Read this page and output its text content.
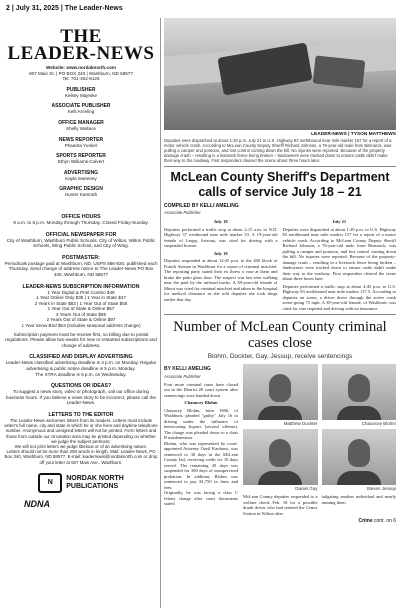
2 | July 31, 2025 | The Leader-News
THE
LEADER-NEWS
Website: www.nordaknorth.com
607 Main St. | PO BOX 340 | Washburn, ND 58577
Tel: 701-462-8126
PUBLISHER
Kelsey Majeske
ASSOCIATE PUBLISHER
Kelli Arneling
OFFICE MANAGER
Shelly Wallace
NEWS REPORTER
Phaedra Yunker
SPORTS REPORTER
Ethyn Williams-Calvert
ADVERTISING
Kayla Sweeney
GRAPHIC DESIGN
Hunter Kamrath
OFFICE HOURS
9 a.m. to 5 p.m. Monday through Thursday. Closed Friday-Sunday.
OFFICIAL NEWSPAPER FOR
City of Washburn, Washburn Public Schools, City of Wilton, Wilton Public Schools, Wing Public School, and City of Wing.
POSTMASTER:
Periodicals postage paid at Washburn, ND, USPS 666-920, published each Thursday. Send change of address notice to The Leader-News PO Box 340, Washburn, ND 58577
LEADER-NEWS SUBSCRIPTION INFORMATION
1 Year Digital & Print Combo $49
1 Year Online Only $35 | 1 Year in State $47
2 Years in State $83 | 1 Year Out of State $55
1 Year Out of State & Online $57
2 Years Out of State $95
2 Years Out of State & Online $97
1 Year Snow Bird $53 (includes seasonal address change)
Subscription payment must be receive first, no billing due to postal regulations. Please allow two weeks for new or restarted subscriptions and change of address.
CLASSIFIED AND DISPLAY ADVERTISING
Leader-News classified advertising deadline is 3 p.m. on Monday. Regular advertising & public notice deadline is 5 p.m. Monday.
The XTRA deadline is 5 p.m. on Wednesday.
QUESTIONS OR IDEAS?
To suggest a news story, video or photograph, call our office during business hours. If you believe a news story to be incorrect, please call the Leader-News.
LETTERS TO THE EDITOR
The Leader-News welcomes letters from its readers. Letters must include writer's full name, city and state in which he or she lives and daytime telephone number. Anonymous and unsigned letters will not be printed. Form letters and those from outside our circulation area may be printed depending on whether we judge the subject pertinent.
We will not print letters we judge libelous or of an advertising nature.
Letters should not be more than 250 words in length. Mail: Leader-News, PO Box 340, Washburn, ND 58577. E-mail: leadernews@nordaknorth.com or drop off your letter at 607 Main Ave., Washburn.
N
NORDAK NORTH
PUBLICATIONS
NDNA
LEADER-NEWS | TYSON MATTHEWS
Deputies were dispatched at about 1:30 p.m. July 21 to U.S. Highway 83 northbound near mile marker 157 for a report of a motor vehicle crash. According to McLean County Deputy Sheriff Richard Johnson, a 76-year-old male from Bismarck, was pulling a camper and pontoon, and lost control coming down the hill. No injuries were reported. Because of the property damage crash – resulting in a livestock fence being broken – landowners were tracked down to ensure cattle didn't make their way to the roadway. First responders cleared the scene about three hours later.
McLean County Sheriff's Department calls of service July 18 – 21
COMPILED BY KELLI AMELING
Associate Publisher
July 18

Deputies performed a traffic stop at about 2:15 a.m. to N.D. Highway 37 westbound near mile marker 53. A 19-year-old female of Lespp, Arizona, was cited for driving with a suspended license.

July 19

Deputies responded at about 12:45 p.m. to the 400 block of Fourth Avenue in Washburn for a report of criminal mischief. The reporting party stated their ex threw a vase at them and broke the patio glass door. The suspect was last seen walking near the park by the railroad tracks. A 38-year-old female of Minot was cited for criminal mischief and taken to the hospital for medical clearance as she told deputies she took drugs earlier that day.

July 21

Deputies were dispatched at about 1:30 p.m. to U.S. Highway 83 northbound near mile marker 157 for a report of a motor vehicle crash. According to McLean County Deputy Sheriff Richard Johnson, a 76-year-old male from Bismarck, was pulling a camper and pontoon, and lost control coming down the hill. No injuries were reported. Because of the property-damage crash – resulting in a livestock fence being broken – landowners were tracked down to ensure cattle didn't make their way to the roadway. First responders cleared the scene about three hours later.

Deputies performed a traffic stop at about 4:45 p.m. to U.S. Highway 83 northbound near mile marker 117.5. According to deputies on scene, a driver drove through the active crash scene going 75 mph. A 38-year-old female, of Washburn, was cited for care required and driving with no insurance.

Number of McLean County criminal cases close
Blohm, Dockter, Gay, Jessup, receive sentencings
BY KELLI AMELING
Associate Publisher

Four more criminal cases have closed out in the District 28 court system after sentencings were handed down.

Chauncey Blohm

Chauncey Blohm, born 1986, of Washburn, pleaded "guilty" July 16 to driving under the influence of intoxicating liquors (second offense). The charge was pleaded down to a class B misdemeanor.

Blohm, who was represented by court-appointed Attorney Ozeil Kardonsi, was sentenced to 30 days in the McLean County Jail, receiving credit for 10 days served. The remaining 20 days was suspended for 360 days of unsupervised probation. In addition, Blohm was sentenced to pay $1,750 in fines and fees.

Originally, he was facing a class C felony charge after court documents stated

Matthew Dockter	Chauncey Blohm
Daniel Gay	Steven Jessup
McLean County deputies responded to a welfare check Feb. 18 for a possible drunk driver who had entered the Cenex Station in Wilton after
tailgating another individual and nearly running them
Crime cont. on 6
